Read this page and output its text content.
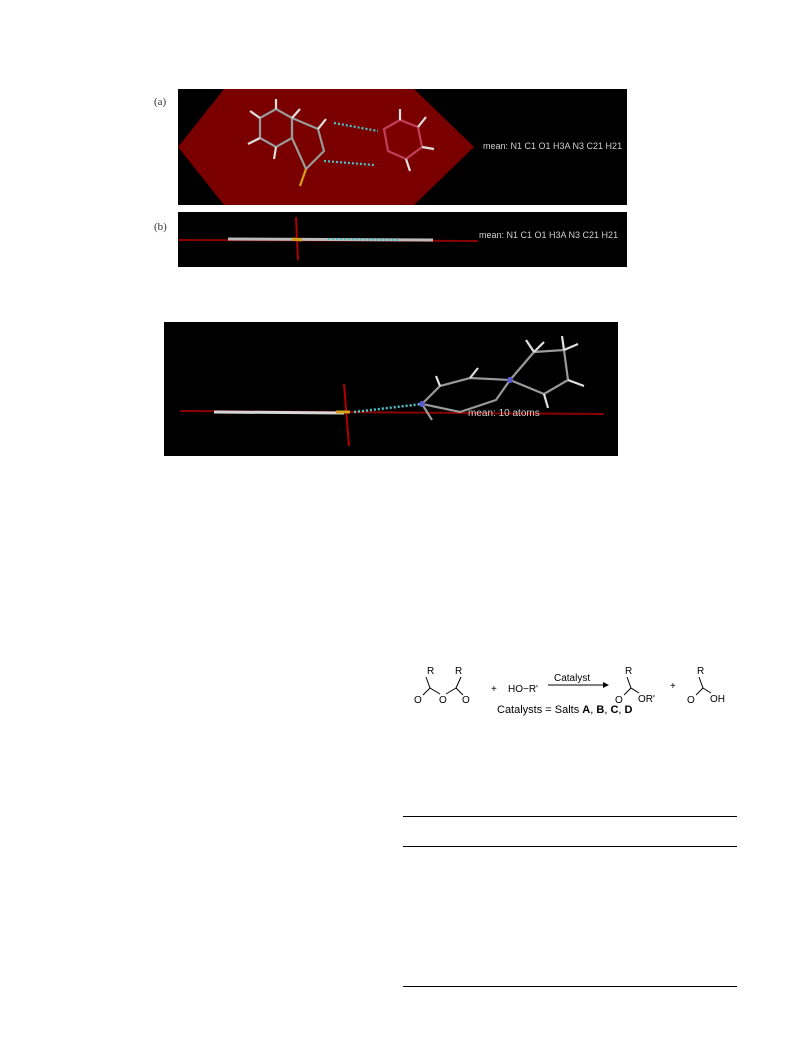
(a)
mean: N1 C1 O1 H3A N3 C21 H21
(b)
mean: N1 C1 O1 H3A N3 C21 H21
mean: 10 atoms
R R
O O O
R
O OR'
R
O OH
Catalyst
+ HO−R'	+
Catalysts = Salts A, B, C, D
